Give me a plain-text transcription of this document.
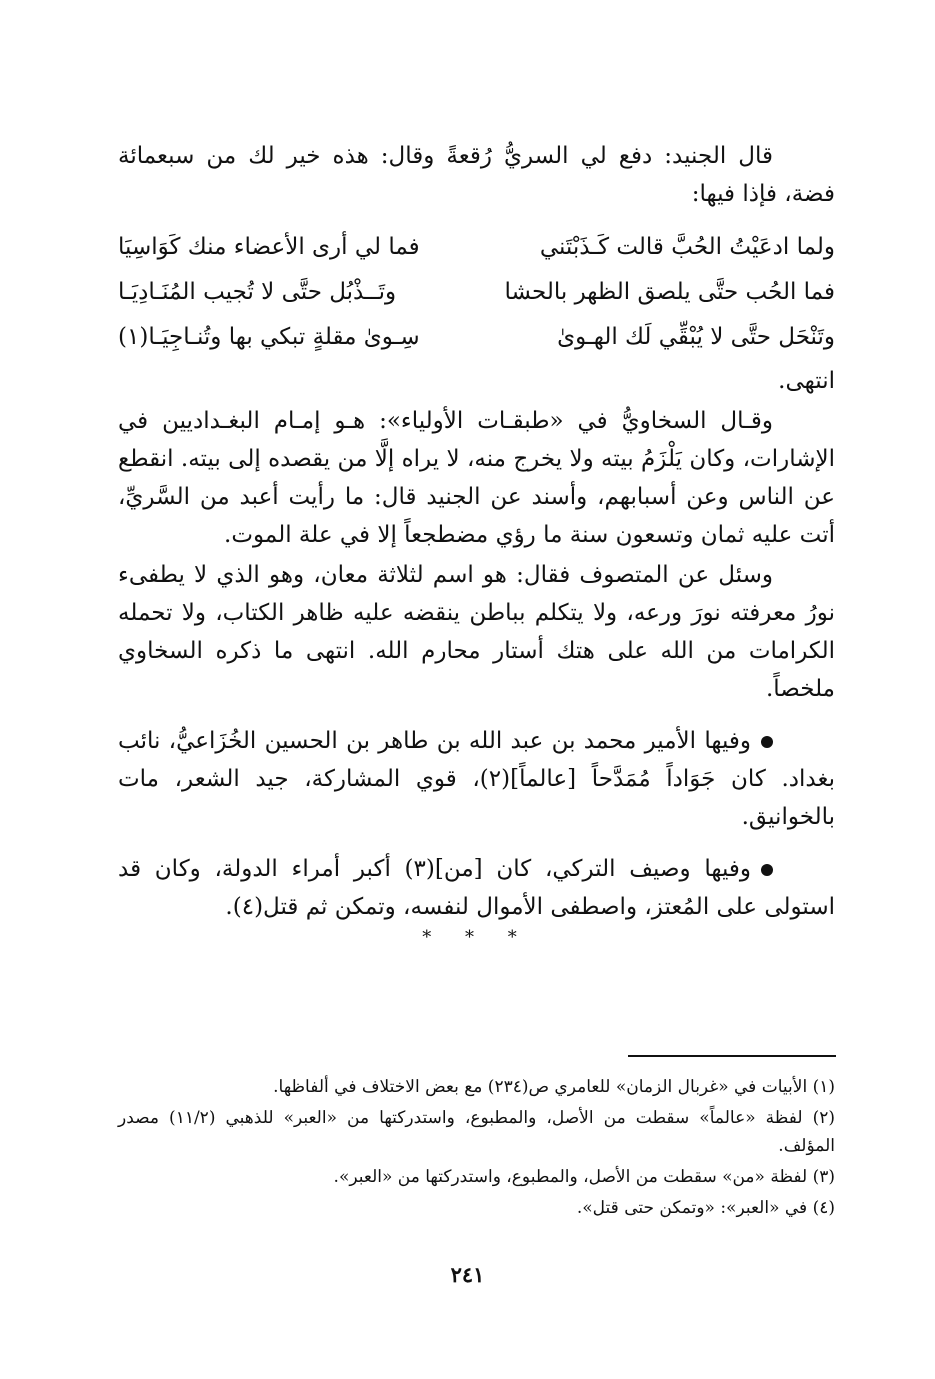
قال الجنيد: دفع لي السريُّ رُقعةً وقال: هذه خير لك من سبعمائة فضة، فإذا فيها:

ولما ادعَيْتُ الحُبَّ قالت كَـذَبْتَني
فما لي أرى الأعضاء منك كَوَاسِيَا
فما الحُب حتَّى يلصق الظهر بالحشا
وتَــذْبُل حتَّى لا تُجيب المُنَـادِيَـا
وتَنْحَل حتَّى لا يُبْقِّي لَك الهـوىٰ
سِـوىٰ مقلةٍ تبكي بها وتُنـاجِيَـا(١)

انتهى.

وقـال السخاويُّ في «طبقـات الأولياء»: هـو إمـام البغـداديين في الإشارات، وكان يَلْزَمُ بيته ولا يخرج منه، لا يراه إلَّا من يقصده إلى بيته. انقطع عن الناس وعن أسبابهم، وأسند عن الجنيد قال: ما رأيت أعبد من السَّريِّ، أتت عليه ثمان وتسعون سنة ما رؤي مضطجعاً إلا في علة الموت.

وسئل عن المتصوف فقال: هو اسم لثلاثة معان، وهو الذي لا يطفىء نورُ معرفته نورَ ورعه، ولا يتكلم بباطن ينقضه عليه ظاهر الكتاب، ولا تحمله الكرامات من الله على هتك أستار محارم الله. انتهى ما ذكره السخاوي ملخصاً.

وفيها الأمير محمد بن عبد الله بن طاهر بن الحسين الخُزَاعيُّ، نائب بغداد. كان جَوَاداً مُمَدَّحاً [عالماً](٢)، قوي المشاركة، جيد الشعر، مات بالخوانيق.

وفيها وصيف التركي، كان [من](٣) أكبر أمراء الدولة، وكان قد استولى على المُعتز، واصطفى الأموال لنفسه، وتمكن ثم قتل(٤).

* * *

(١) الأبيات في «غربال الزمان» للعامري ص(٢٣٤) مع بعض الاختلاف في ألفاظها.

(٢) لفظة «عالماً» سقطت من الأصل، والمطبوع، واستدركتها من «العبر» للذهبي (١١/٢) مصدر المؤلف.

(٣) لفظة «من» سقطت من الأصل، والمطبوع، واستدركتها من «العبر».

(٤) في «العبر»: «وتمكن حتى قتل».

٢٤١
